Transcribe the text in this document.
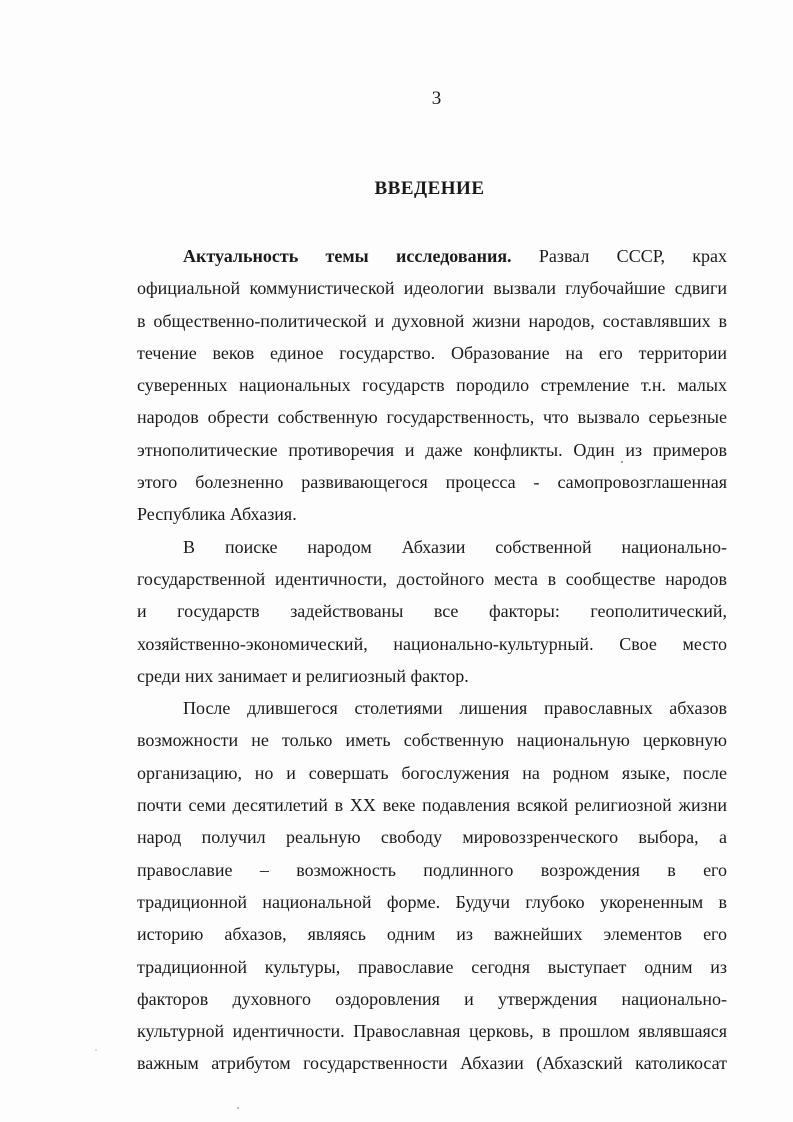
3
ВВЕДЕНИЕ
Актуальность темы исследования. Развал СССР, крах
официальной коммунистической идеологии вызвали глубочайшие сдвиги
в общественно-политической и духовной жизни народов, составлявших в
течение веков единое государство. Образование на его территории
суверенных национальных государств породило стремление т.н. малых
народов обрести собственную государственность, что вызвало серьезные
этнополитические противоречия и даже конфликты. Один из примеров
этого болезненно развивающегося процесса - самопровозглашенная
Республика Абхазия.
В поиске народом Абхазии собственной национально-
государственной идентичности, достойного места в сообществе народов
и государств задействованы все факторы: геополитический,
хозяйственно-экономический, национально-культурный. Свое место
среди них занимает и религиозный фактор.
После длившегося столетиями лишения православных абхазов
возможности не только иметь собственную национальную церковную
организацию, но и совершать богослужения на родном языке, после
почти семи десятилетий в XX веке подавления всякой религиозной жизни
народ получил реальную свободу мировоззренческого выбора, а
православие – возможность подлинного возрождения в его
традиционной национальной форме. Будучи глубоко укорененным в
историю абхазов, являясь одним из важнейших элементов его
традиционной культуры, православие сегодня выступает одним из
факторов духовного оздоровления и утверждения национально-
культурной идентичности. Православная церковь, в прошлом являвшаяся
важным атрибутом государственности Абхазии (Абхазский католикосат
